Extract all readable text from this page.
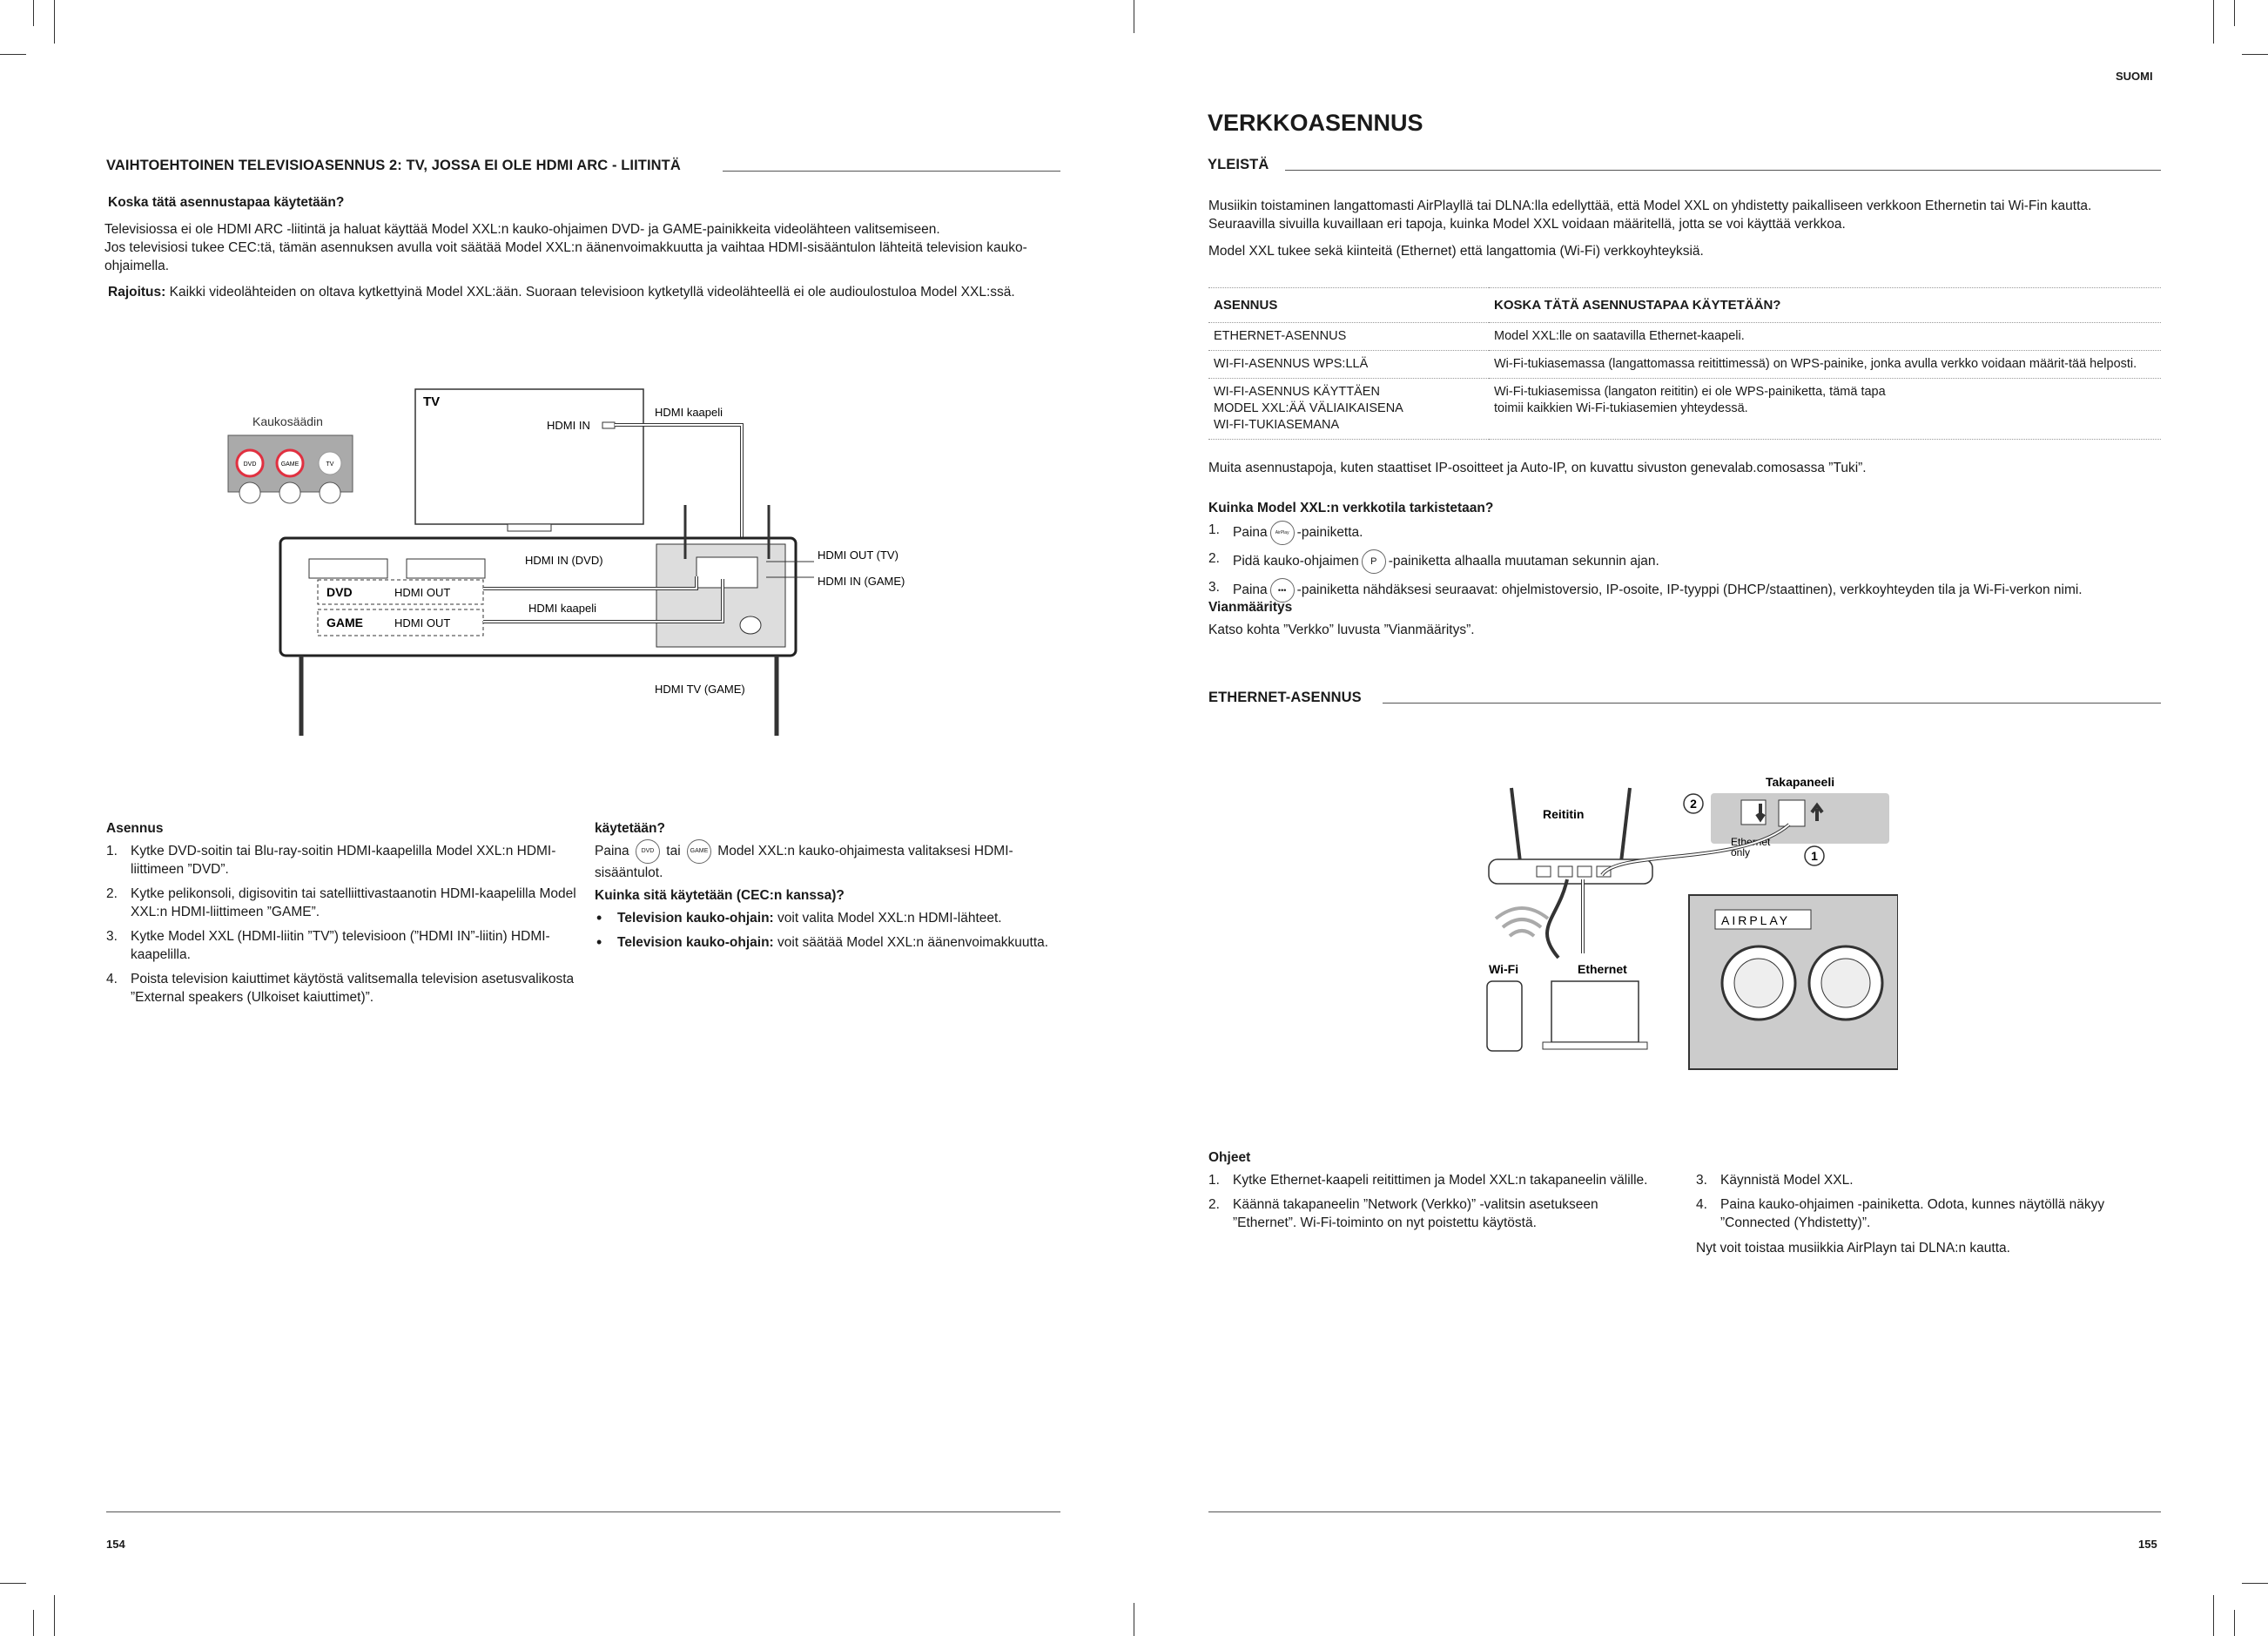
VAIHTOEHTOINEN TELEVISIOASENNUS 2: TV, JOSSA EI OLE HDMI ARC - LIITINTÄ
Koska tätä asennustapaa käytetään?
Televisiossa ei ole HDMI ARC -liitintä ja haluat käyttää Model XXL:n kauko-ohjaimen DVD- ja GAME-painikkeita videolähteen valitsemiseen.
Jos televisiosi tukee CEC:tä, tämän asennuksen avulla voit säätää Model XXL:n äänenvoimakkuutta ja vaihtaa HDMI-sisääntulon lähteitä television kauko-ohjaimella.
Rajoitus: Kaikki videolähteiden on oltava kytkettyinä Model XXL:ään. Suoraan televisioon kytketyllä videolähteellä ei ole audioulostuloa Model XXL:ssä.
Kaukosäädin
DVD	GAME	TV
TV
HDMI IN
HDMI kaapeli
DVD	HDMI OUT
GAME	HDMI OUT
HDMI IN (DVD)	HDMI OUT (TV)
HDMI IN (GAME)
HDMI kaapeli
HDMI TV (GAME)
Asennus
1. Kytke DVD-soitin tai Blu-ray-soitin HDMI-kaapelilla Model XXL:n HDMI-liittimeen ”DVD”.
2. Kytke pelikonsoli, digisovitin tai satelliittivastaanotin HDMI-kaapelilla Model XXL:n HDMI-liittimeen ”GAME”.
3. Kytke Model XXL (HDMI-liitin ”TV”) televisioon (”HDMI IN”-liitin) HDMI-kaapelilla.
4. Poista television kaiuttimet käytöstä valitsemalla television asetusvalikosta ”External speakers (Ulkoiset kaiuttimet)”.
käytetään?
Paina DVD tai GAME Model XXL:n kauko-ohjaimesta valitaksesi HDMI-sisääntulot.
Kuinka sitä käytetään (CEC:n kanssa)?
• Television kauko-ohjain: voit valita Model XXL:n HDMI-lähteet.
• Television kauko-ohjain: voit säätää Model XXL:n äänenvoimakkuutta.
154
SUOMI
VERKKOASENNUS
YLEISTÄ
Musiikin toistaminen langattomasti AirPlayllä tai DLNA:lla edellyttää, että Model XXL on yhdistetty paikalliseen verkkoon Ethernetin tai Wi-Fin kautta. Seuraavilla sivuilla kuvaillaan eri tapoja, kuinka Model XXL voidaan määritellä, jotta se voi käyttää verkkoa.
Model XXL tukee sekä kiinteitä (Ethernet) että langattomia (Wi-Fi) verkkoyhteyksiä.
ASENNUS	KOSKA TÄTÄ ASENNUSTAPAA KÄYTETÄÄN?
ETHERNET-ASENNUS	Model XXL:lle on saatavilla Ethernet-kaapeli.
WI-FI-ASENNUS WPS:LLÄ	Wi-Fi-tukiasemassa (langattomassa reitittimessä) on WPS-painike, jonka avulla verkko voidaan määrit-tää helposti.
WI-FI-ASENNUS KÄYTTÄEN MODEL XXL:ÄÄ VÄLIAIKAISENA WI-FI-TUKIASEMANA	Wi-Fi-tukiasemissa (langaton reititin) ei ole WPS-painiketta, tämä tapa toimii kaikkien Wi-Fi-tukiasemien yhteydessä.
Muita asennustapoja, kuten staattiset IP-osoitteet ja Auto-IP, on kuvattu sivuston genevalab.comosassa ”Tuki”.
Kuinka Model XXL:n verkkotila tarkistetaan?
1. Paina AirPlay -painiketta.
2. Pidä kauko-ohjaimen P -painiketta alhaalla muutaman sekunnin ajan.
3. Paina ••• -painiketta nähdäksesi seuraavat: ohjelmistoversio, IP-osoite, IP-tyyppi (DHCP/staattinen), verkkoyhteyden tila ja Wi-Fi-verkon nimi.
Vianmääritys
Katso kohta ”Verkko” luvusta ”Vianmääritys”.
ETHERNET-ASENNUS
Takapaneeli
2
Ethernet
only	1
Reititin
Wi-Fi	Ethernet
AIRPLAY
Ohjeet
1. Kytke Ethernet-kaapeli reitittimen ja Model XXL:n takapaneelin välille.
2. Käännä takapaneelin ”Network (Verkko)” -valitsin asetukseen ”Ethernet”. Wi-Fi-toiminto on nyt poistettu käytöstä.
3. Käynnistä Model XXL.
4. Paina kauko-ohjaimen -painiketta. Odota, kunnes näytöllä näkyy ”Connected (Yhdistetty)”.
Nyt voit toistaa musiikkia AirPlayn tai DLNA:n kautta.
155
